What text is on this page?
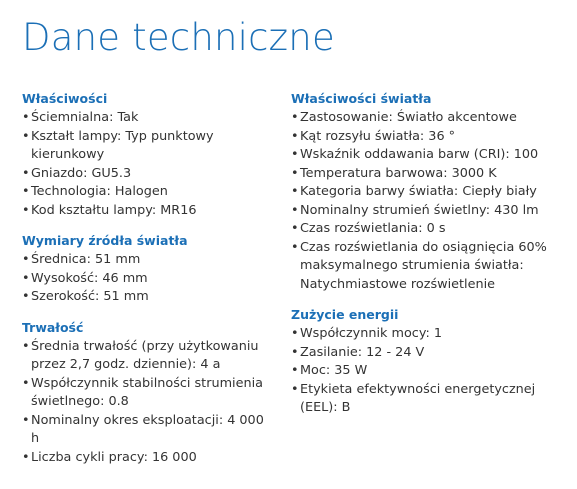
Dane techniczne
Właściwości
• Ściemnialna: Tak
• Kształt lampy: Typ punktowy kierunkowy
• Gniazdo: GU5.3
• Technologia: Halogen
• Kod kształtu lampy: MR16
Wymiary źródła światła
• Średnica: 51 mm
• Wysokość: 46 mm
• Szerokość: 51 mm
Trwałość
• Średnia trwałość (przy użytkowaniu przez 2,7 godz. dziennie): 4 a
• Współczynnik stabilności strumienia świetlnego: 0.8
• Nominalny okres eksploatacji: 4 000 h
• Liczba cykli pracy: 16 000
Właściwości światła
• Zastosowanie: Światło akcentowe
• Kąt rozsyłu światła: 36 °
• Wskaźnik oddawania barw (CRI): 100
• Temperatura barwowa: 3000 K
• Kategoria barwy światła: Ciepły biały
• Nominalny strumień świetlny: 430 lm
• Czas rozświetlania: 0 s
• Czas rozświetlania do osiągnięcia 60% maksymalnego strumienia światła: Natychmiastowe rozświetlenie
Zużycie energii
• Współczynnik mocy: 1
• Zasilanie: 12 - 24 V
• Moc: 35 W
• Etykieta efektywności energetycznej (EEL): B
